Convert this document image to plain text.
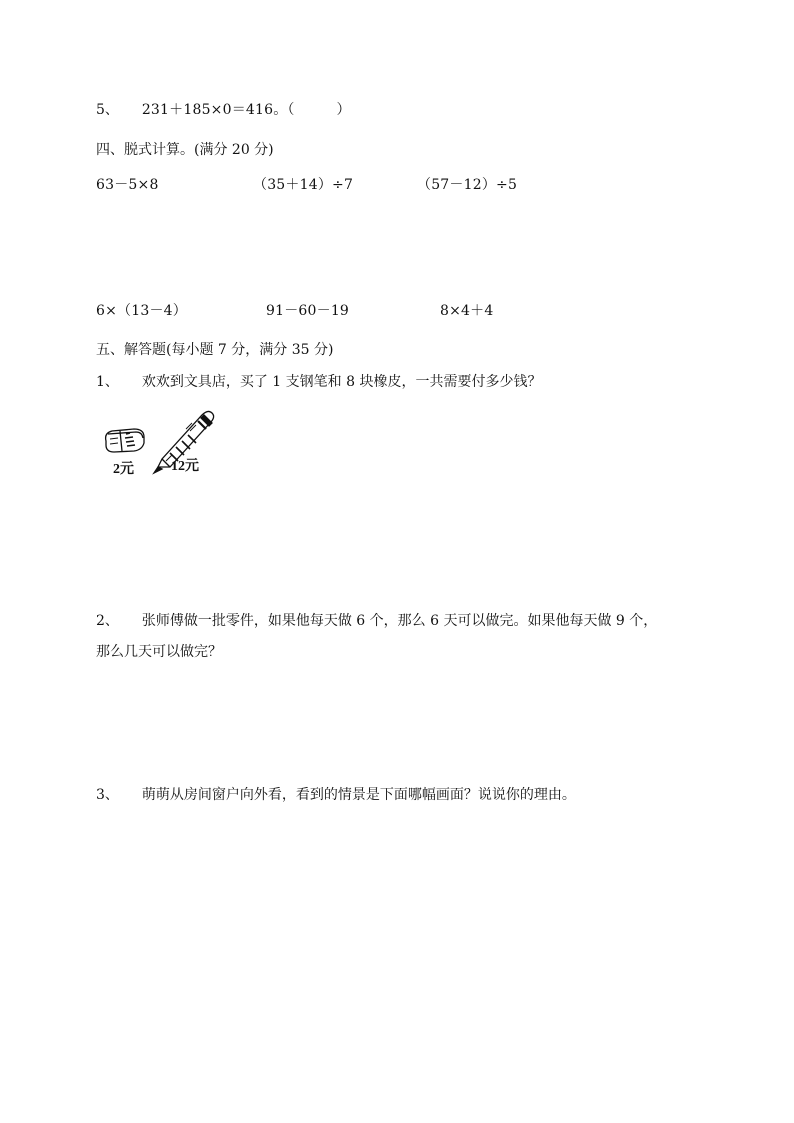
5、 231＋185×0＝416。（         ）
四、脱式计算。(满分 20 分)
63－5×8	（35＋14）÷7	（57－12）÷5
6×（13－4）	91－60－19	8×4＋4
五、解答题(每小题 7 分，满分 35 分)
1、 欢欢到文具店，买了 1 支钢笔和 8 块橡皮，一共需要付多少钱？
2元	12元
2、 张师傅做一批零件，如果他每天做 6 个，那么 6 天可以做完。如果他每天做 9 个，
那么几天可以做完？
3、 萌萌从房间窗户向外看，看到的情景是下面哪幅画面？说说你的理由。
